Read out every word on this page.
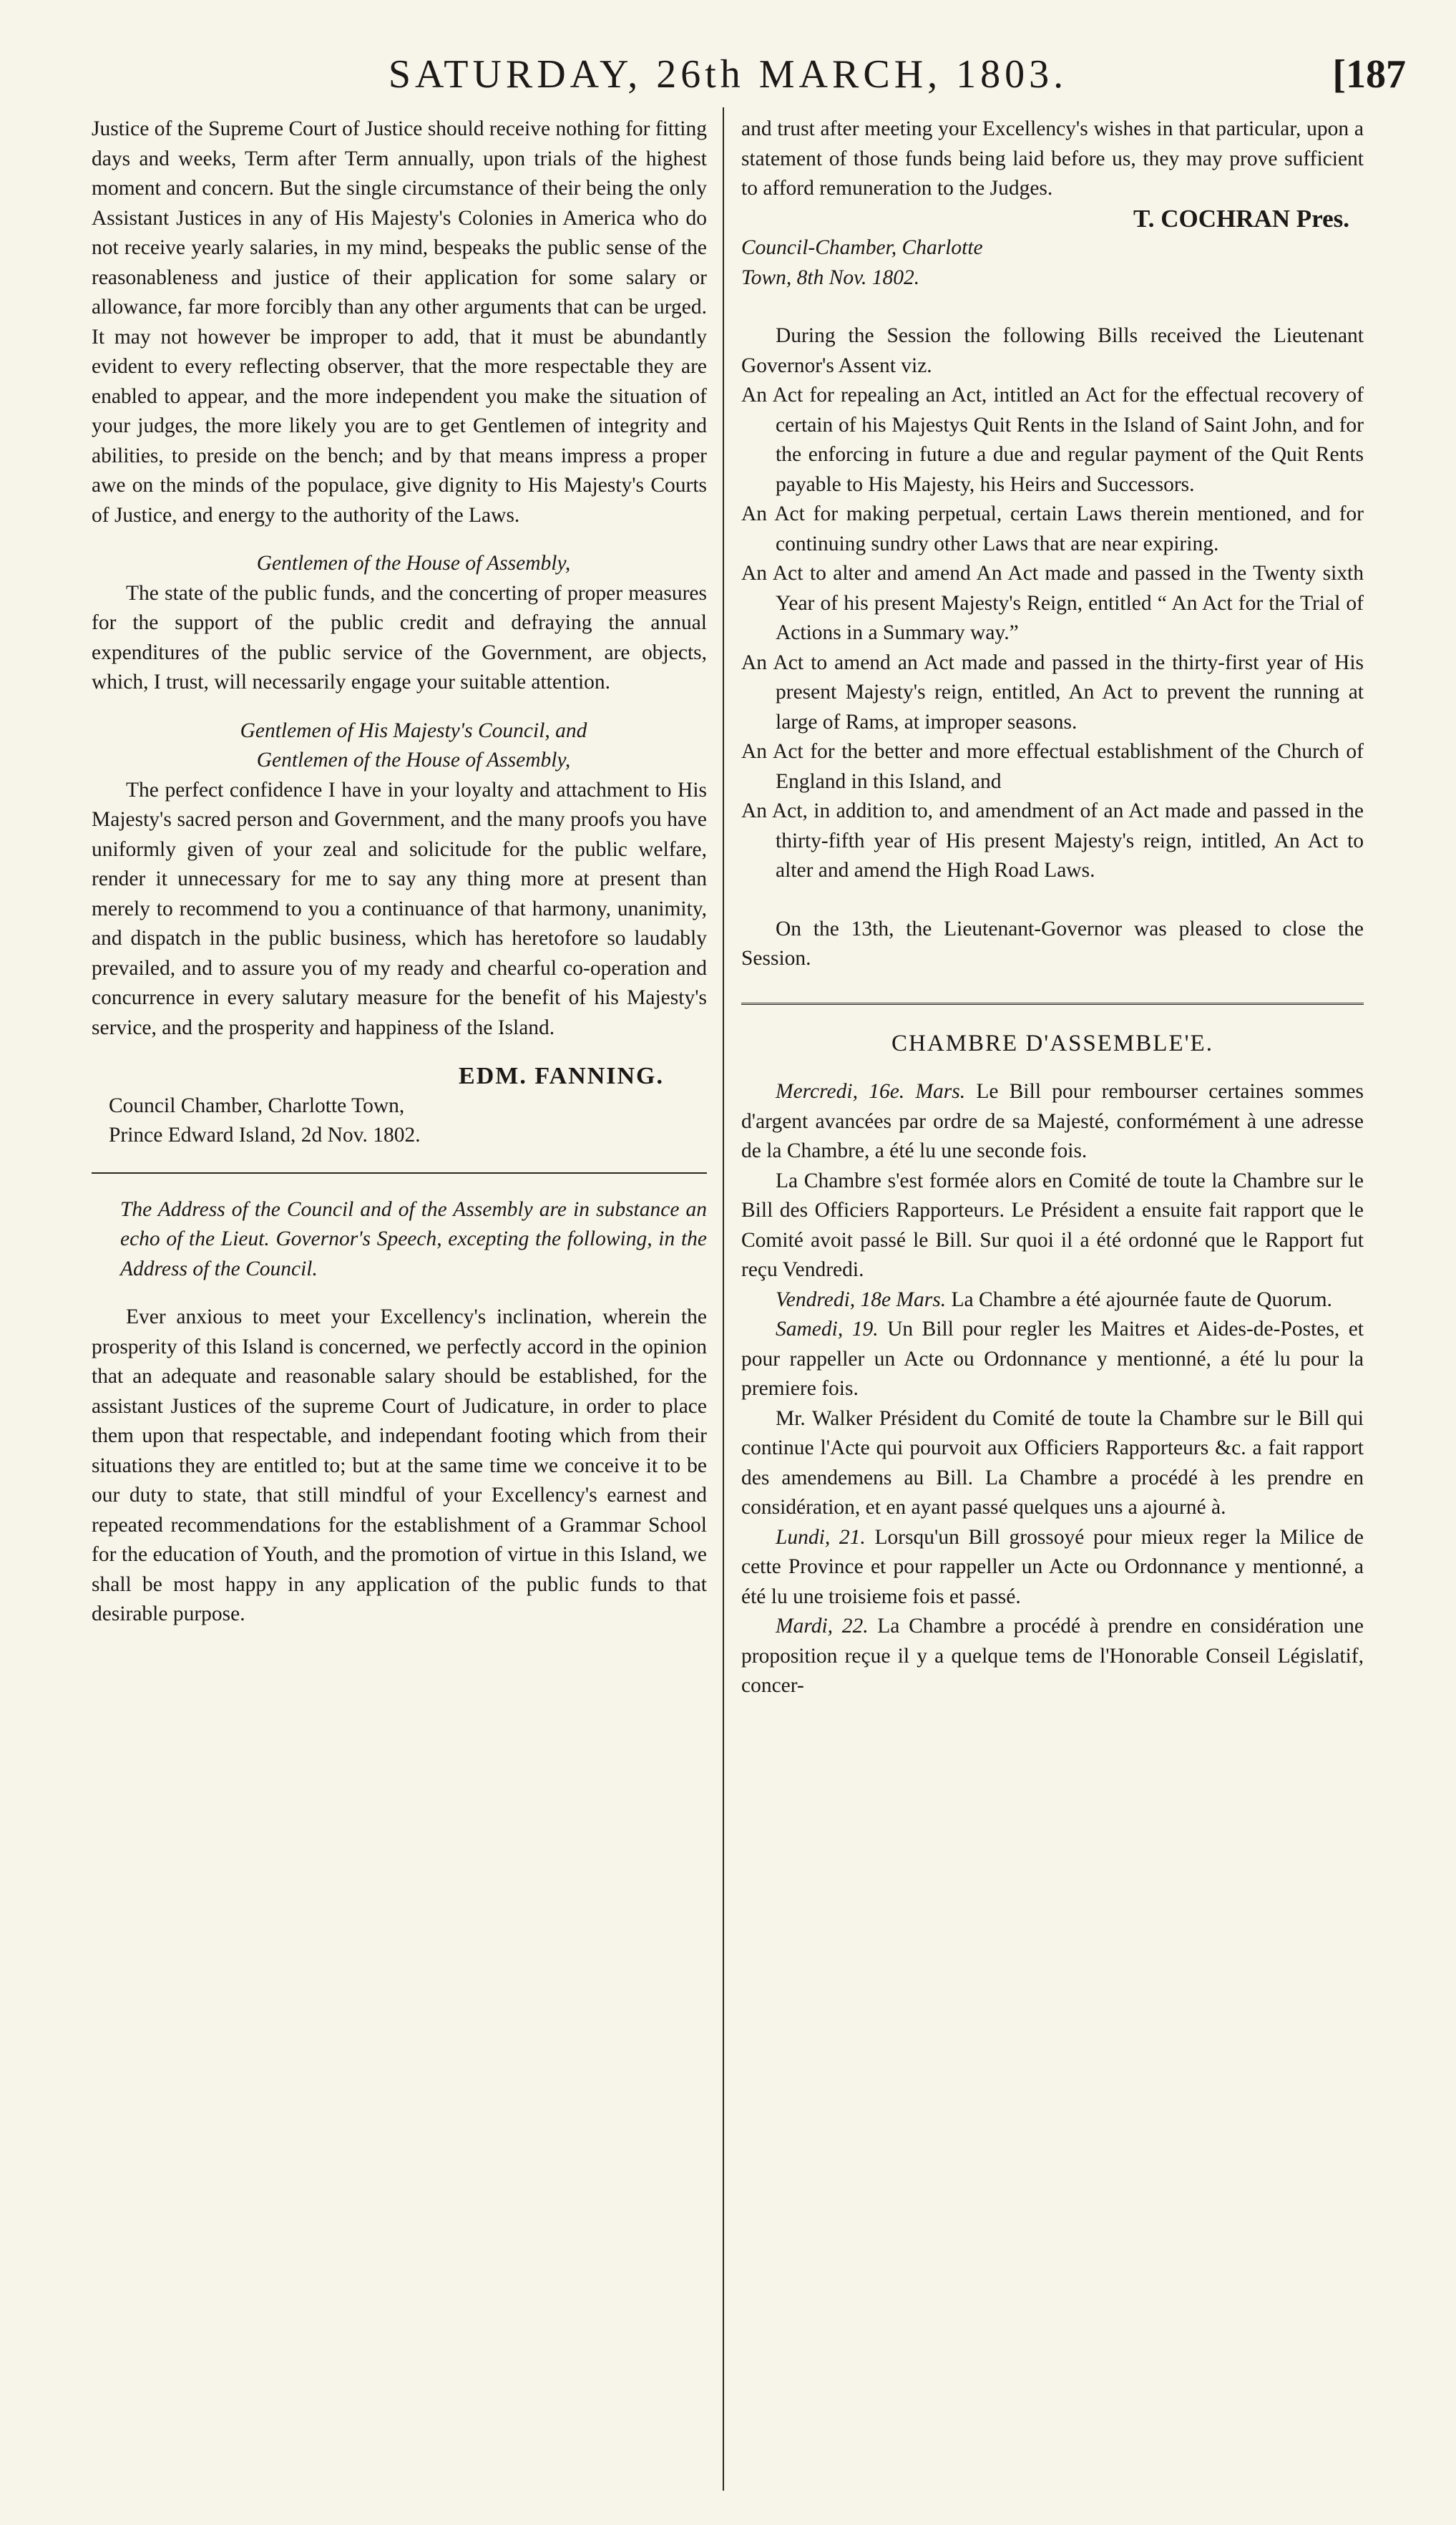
SATURDAY, 26th MARCH, 1803.	[187

Justice of the Supreme Court of Justice should receive nothing for fitting days and weeks, Term after Term annually, upon trials of the highest moment and concern. But the single circumstance of their being the only Assistant Justices in any of His Majesty's Colonies in America who do not receive yearly salaries, in my mind, bespeaks the public sense of the reasonableness and justice of their application for some salary or allowance, far more forcibly than any other arguments that can be urged. It may not however be improper to add, that it must be abundantly evident to every reflecting observer, that the more respectable they are enabled to appear, and the more independent you make the situation of your judges, the more likely you are to get Gentlemen of integrity and abilities, to preside on the bench; and by that means impress a proper awe on the minds of the populace, give dignity to His Majesty's Courts of Justice, and energy to the authority of the Laws.

Gentlemen of the House of Assembly,

The state of the public funds, and the concerting of proper measures for the support of the public credit and defraying the annual expenditures of the public service of the Government, are objects, which, I trust, will necessarily engage your suitable attention.

Gentlemen of His Majesty's Council, and

Gentlemen of the House of Assembly,

The perfect confidence I have in your loyalty and attachment to His Majesty's sacred person and Government, and the many proofs you have uniformly given of your zeal and solicitude for the public welfare, render it unnecessary for me to say any thing more at present than merely to recommend to you a continuance of that harmony, unanimity, and dispatch in the public business, which has heretofore so laudably prevailed, and to assure you of my ready and chearful co-operation and concurrence in every salutary measure for the benefit of his Majesty's service, and the prosperity and happiness of the Island.

EDM. FANNING.

Council Chamber, Charlotte Town,

Prince Edward Island, 2d Nov. 1802.

The Address of the Council and of the Assembly are in substance an echo of the Lieut. Governor's Speech, excepting the following, in the Address of the Council.

Ever anxious to meet your Excellency's inclination, wherein the prosperity of this Island is concerned, we perfectly accord in the opinion that an adequate and reasonable salary should be established, for the assistant Justices of the supreme Court of Judicature, in order to place them upon that respectable, and independant footing which from their situations they are entitled to; but at the same time we conceive it to be our duty to state, that still mindful of your Excellency's earnest and repeated recommendations for the establishment of a Grammar School for the education of Youth, and the promotion of virtue in this Island, we shall be most happy in any application of the public funds to that desirable purpose.

and trust after meeting your Excellency's wishes in that particular, upon a statement of those funds being laid before us, they may prove sufficient to afford remuneration to the Judges.

T. COCHRAN Pres.

Council-Chamber, Charlotte

Town, 8th Nov. 1802.

During the Session the following Bills received the Lieutenant Governor's Assent viz.

An Act for repealing an Act, intitled an Act for the effectual recovery of certain of his Majestys Quit Rents in the Island of Saint John, and for the enforcing in future a due and regular payment of the Quit Rents payable to His Majesty, his Heirs and Successors.

An Act for making perpetual, certain Laws therein mentioned, and for continuing sundry other Laws that are near expiring.

An Act to alter and amend An Act made and passed in the Twenty sixth Year of his present Majesty's Reign, entitled “ An Act for the Trial of Actions in a Summary way.”

An Act to amend an Act made and passed in the thirty-first year of His present Majesty's reign, entitled, An Act to prevent the running at large of Rams, at improper seasons.

An Act for the better and more effectual establishment of the Church of England in this Island, and

An Act, in addition to, and amendment of an Act made and passed in the thirty-fifth year of His present Majesty's reign, intitled, An Act to alter and amend the High Road Laws.

On the 13th, the Lieutenant-Governor was pleased to close the Session.

CHAMBRE D'ASSEMBLE'E.

Mercredi, 16e. Mars. Le Bill pour rembourser certaines sommes d'argent avancées par ordre de sa Majesté, conformément à une adresse de la Chambre, a été lu une seconde fois.

La Chambre s'est formée alors en Comité de toute la Chambre sur le Bill des Officiers Rapporteurs. Le Président a ensuite fait rapport que le Comité avoit passé le Bill. Sur quoi il a été ordonné que le Rapport fut reçu Vendredi.

Vendredi, 18e Mars. La Chambre a été ajournée faute de Quorum.

Samedi, 19. Un Bill pour regler les Maitres et Aides-de-Postes, et pour rappeller un Acte ou Ordonnance y mentionné, a été lu pour la premiere fois.

Mr. Walker Président du Comité de toute la Chambre sur le Bill qui continue l'Acte qui pourvoit aux Officiers Rapporteurs &c. a fait rapport des amendemens au Bill. La Chambre a procédé à les prendre en considération, et en ayant passé quelques uns a ajourné à.

Lundi, 21. Lorsqu'un Bill grossoyé pour mieux reger la Milice de cette Province et pour rappeller un Acte ou Ordonnance y mentionné, a été lu une troisieme fois et passé.

Mardi, 22. La Chambre a procédé à prendre en considération une proposition reçue il y a quelque tems de l'Honorable Conseil Législatif, concer-
